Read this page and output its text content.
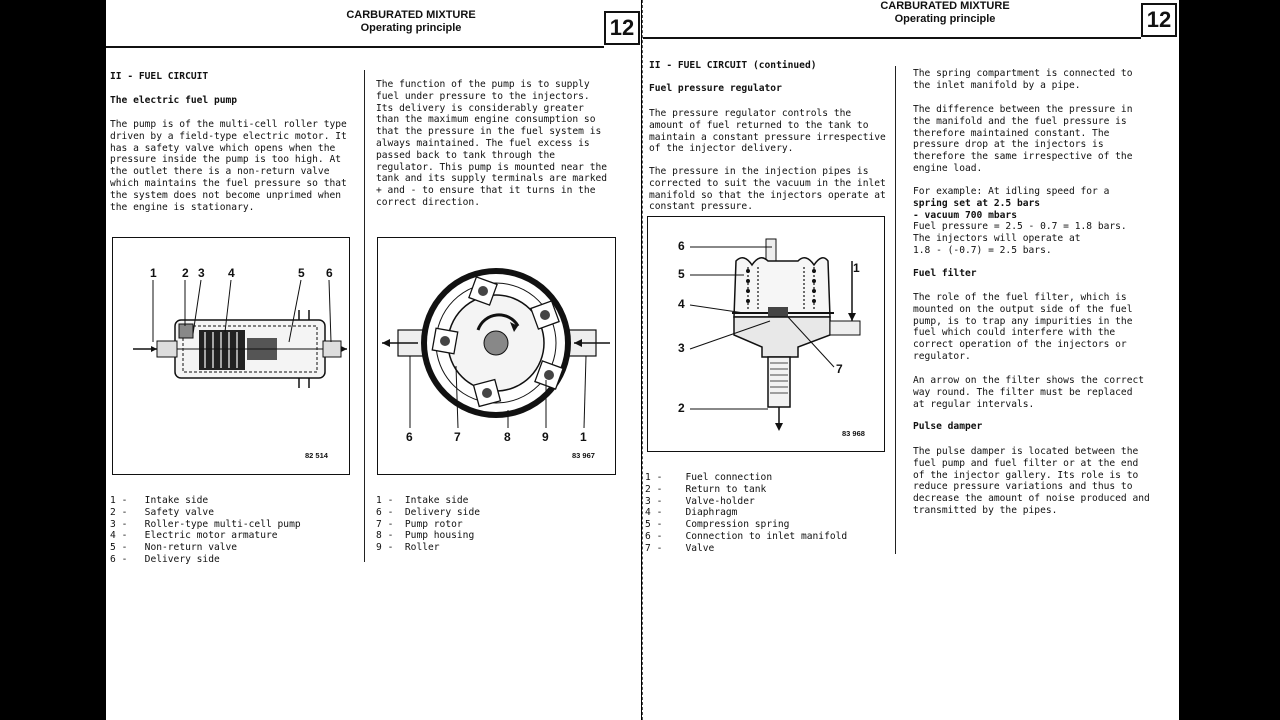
CARBURATED MIXTURE
Operating principle	12
II - FUEL CIRCUIT
The electric fuel pump
The pump is of the multi-cell roller type
driven by a field-type electric motor. It
has a safety valve which opens when the
pressure inside the pump is too high. At
the outlet there is a non-return valve
which maintains the fuel pressure so that
the system does not become unprimed when
the engine is stationary.
The function of the pump is to supply
fuel under pressure to the injectors.
Its delivery is considerably greater
than the maximum engine consumption so
that the pressure in the fuel system is
always maintained. The fuel excess is
passed back to tank through the
regulator. This pump is mounted near the
tank and its supply terminals are marked
+ and - to ensure that it turns in the
correct direction.
1 2 3 4	5 6
82 514
6	7	8	9	1
83 967
1 - Intake side
2 - Safety valve
3 - Roller-type multi-cell pump
4 - Electric motor armature
5 - Non-return valve
6 - Delivery side
1 - Intake side
6 - Delivery side
7 - Pump rotor
8 - Pump housing
9 - Roller
CARBURATED MIXTURE
Operating principle	12
II - FUEL CIRCUIT (continued)
Fuel pressure regulator
The pressure regulator controls the
amount of fuel returned to the tank to
maintain a constant pressure irrespective
of the injector delivery.
The pressure in the injection pipes is
corrected to suit the vacuum in the inlet
manifold so that the injectors operate at
constant pressure.
6
5
4
3
2
1
7
83 968
1 - Fuel connection
2 - Return to tank
3 - Valve-holder
4 - Diaphragm
5 - Compression spring
6 - Connection to inlet manifold
7 - Valve
The spring compartment is connected to
the inlet manifold by a pipe.
The difference between the pressure in
the manifold and the fuel pressure is
therefore maintained constant. The
pressure drop at the injectors is
therefore the same irrespective of the
engine load.
For example: At idling speed for a
spring set at 2.5 bars
- vacuum 700 mbars
Fuel pressure = 2.5 - 0.7 = 1.8 bars.
The injectors will operate at
1.8 - (-0.7) = 2.5 bars.
Fuel filter
The role of the fuel filter, which is
mounted on the output side of the fuel
pump, is to trap any impurities in the
fuel which could interfere with the
correct operation of the injectors or
regulator.
An arrow on the filter shows the correct
way round. The filter must be replaced
at regular intervals.
Pulse damper
The pulse damper is located between the
fuel pump and fuel filter or at the end
of the injector gallery. Its role is to
reduce pressure variations and thus to
decrease the amount of noise produced and
transmitted by the pipes.
